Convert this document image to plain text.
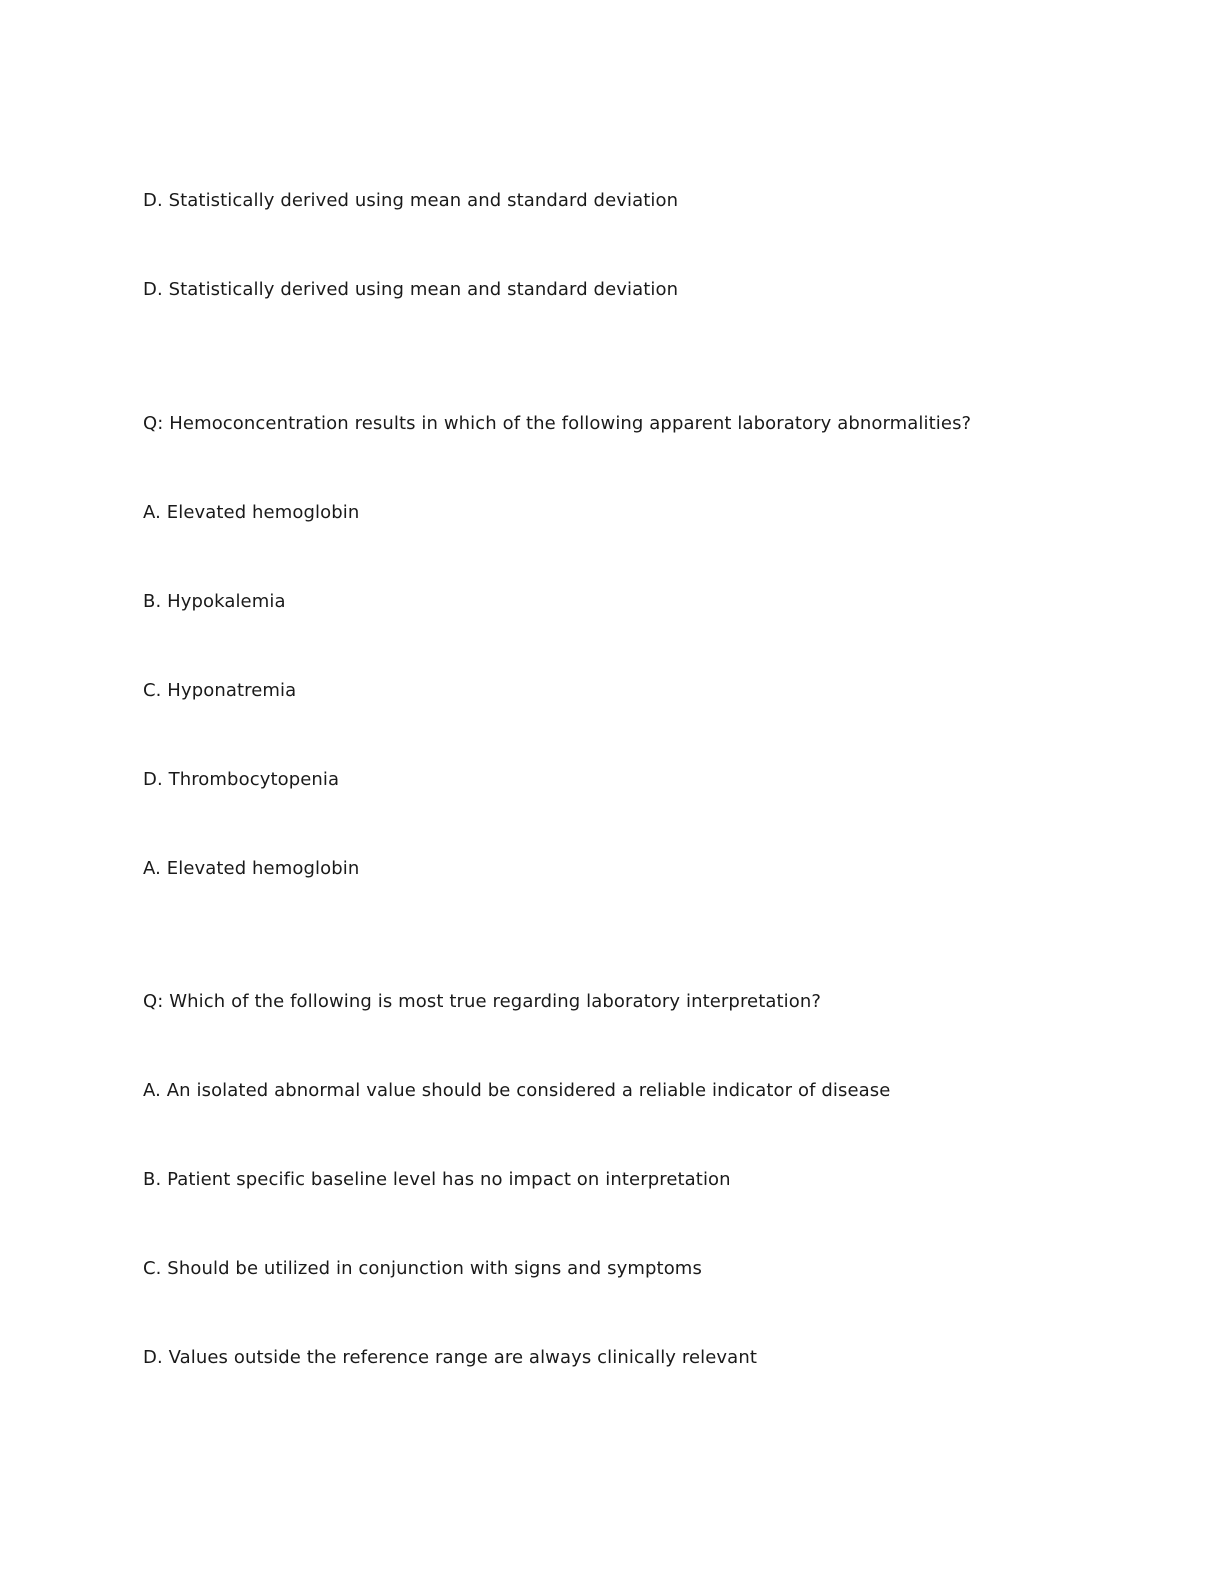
D. Statistically derived using mean and standard deviation
D. Statistically derived using mean and standard deviation
Q: Hemoconcentration results in which of the following apparent laboratory abnormalities?
A. Elevated hemoglobin
B. Hypokalemia
C. Hyponatremia
D. Thrombocytopenia
A. Elevated hemoglobin
Q: Which of the following is most true regarding laboratory interpretation?
A. An isolated abnormal value should be considered a reliable indicator of disease
B. Patient specific baseline level has no impact on interpretation
C. Should be utilized in conjunction with signs and symptoms
D. Values outside the reference range are always clinically relevant
